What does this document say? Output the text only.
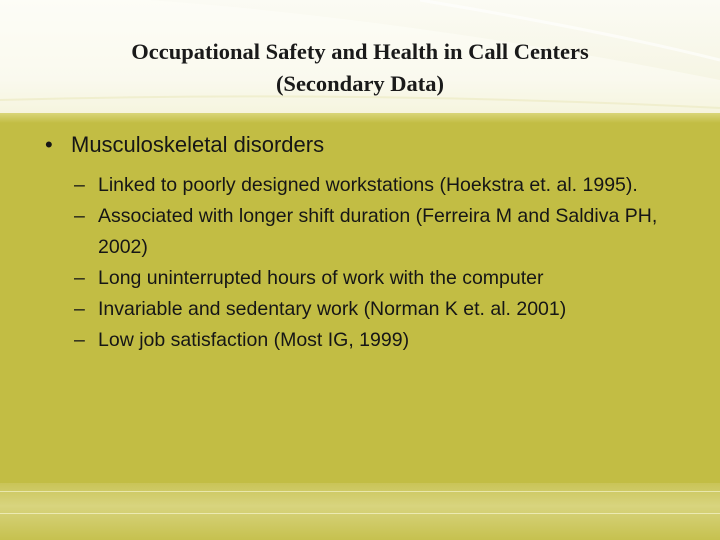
Occupational Safety and Health in Call Centers
(Secondary Data)
• Musculoskeletal disorders
– Linked to poorly designed workstations (Hoekstra et. al. 1995).
– Associated with longer shift duration (Ferreira M and Saldiva PH, 2002)
– Long uninterrupted hours of work with the computer
– Invariable and sedentary work (Norman K et. al. 2001)
– Low job satisfaction (Most IG, 1999)
